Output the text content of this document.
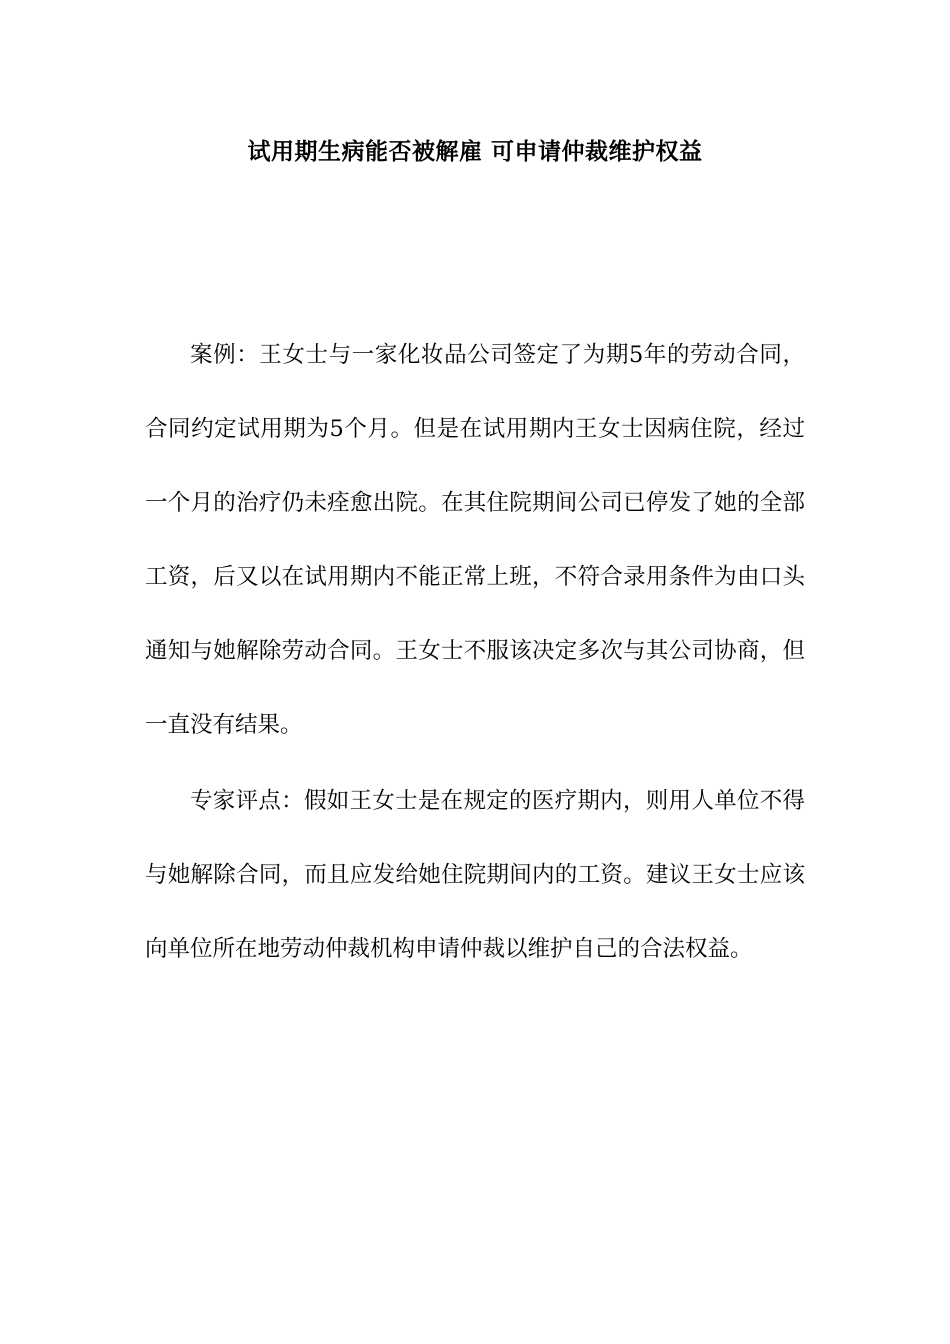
试用期生病能否被解雇 可申请仲裁维护权益

案例：王女士与一家化妆品公司签定了为期5年的劳动合同，合同约定试用期为5个月。但是在试用期内王女士因病住院，经过一个月的治疗仍未痊愈出院。在其住院期间公司已停发了她的全部工资，后又以在试用期内不能正常上班，不符合录用条件为由口头通知与她解除劳动合同。王女士不服该决定多次与其公司协商，但一直没有结果。

专家评点：假如王女士是在规定的医疗期内，则用人单位不得与她解除合同，而且应发给她住院期间内的工资。建议王女士应该向单位所在地劳动仲裁机构申请仲裁以维护自己的合法权益。
